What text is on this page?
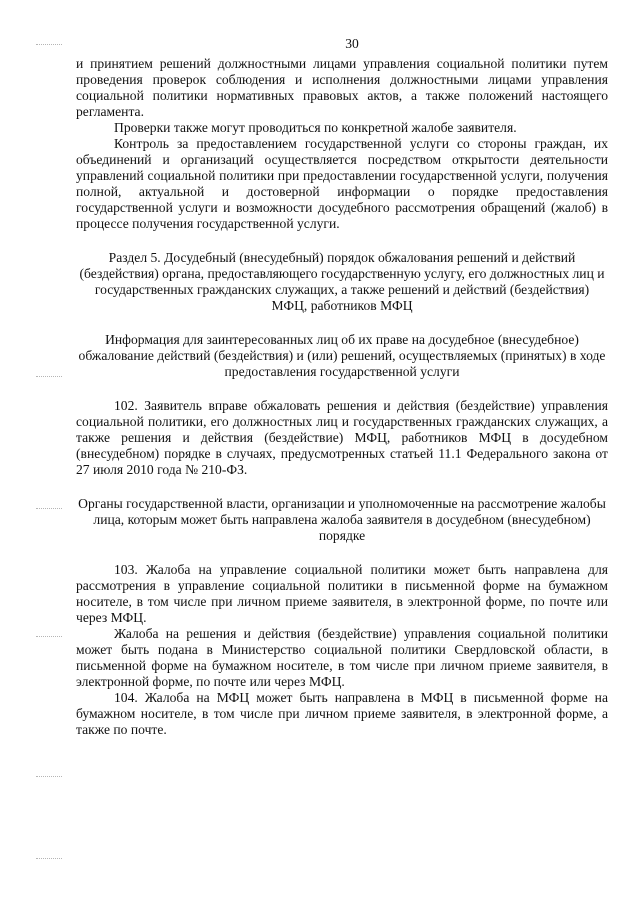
30

и принятием решений должностными лицами управления социальной политики путем проведения проверок соблюдения и исполнения должностными лицами управления социальной политики нормативных правовых актов, а также положений настоящего регламента.

Проверки также могут проводиться по конкретной жалобе заявителя.

Контроль за предоставлением государственной услуги со стороны граждан, их объединений и организаций осуществляется посредством открытости деятельности управлений социальной политики при предоставлении государственной услуги, получения полной, актуальной и достоверной информации о порядке предоставления государственной услуги и возможности досудебного рассмотрения обращений (жалоб) в процессе получения государственной услуги.

Раздел 5. Досудебный (внесудебный) порядок обжалования решений и действий (бездействия) органа, предоставляющего государственную услугу, его должностных лиц и государственных гражданских служащих, а также решений и действий (бездействия) МФЦ, работников МФЦ

Информация для заинтересованных лиц об их праве на досудебное (внесудебное) обжалование действий (бездействия) и (или) решений, осуществляемых (принятых) в ходе предоставления государственной услуги

102. Заявитель вправе обжаловать решения и действия (бездействие) управления социальной политики, его должностных лиц и государственных гражданских служащих, а также решения и действия (бездействие) МФЦ, работников МФЦ в досудебном (внесудебном) порядке в случаях, предусмотренных статьей 11.1 Федерального закона от 27 июля 2010 года № 210-ФЗ.

Органы государственной власти, организации и уполномоченные на рассмотрение жалобы лица, которым может быть направлена жалоба заявителя в досудебном (внесудебном) порядке

103. Жалоба на управление социальной политики может быть направлена для рассмотрения в управление социальной политики в письменной форме на бумажном носителе, в том числе при личном приеме заявителя, в электронной форме, по почте или через МФЦ.

Жалоба на решения и действия (бездействие) управления социальной политики может быть подана в Министерство социальной политики Свердловской области, в письменной форме на бумажном носителе, в том числе при личном приеме заявителя, в электронной форме, по почте или через МФЦ.

104. Жалоба на МФЦ может быть направлена в МФЦ в письменной форме на бумажном носителе, в том числе при личном приеме заявителя, в электронной форме, а также по почте.
